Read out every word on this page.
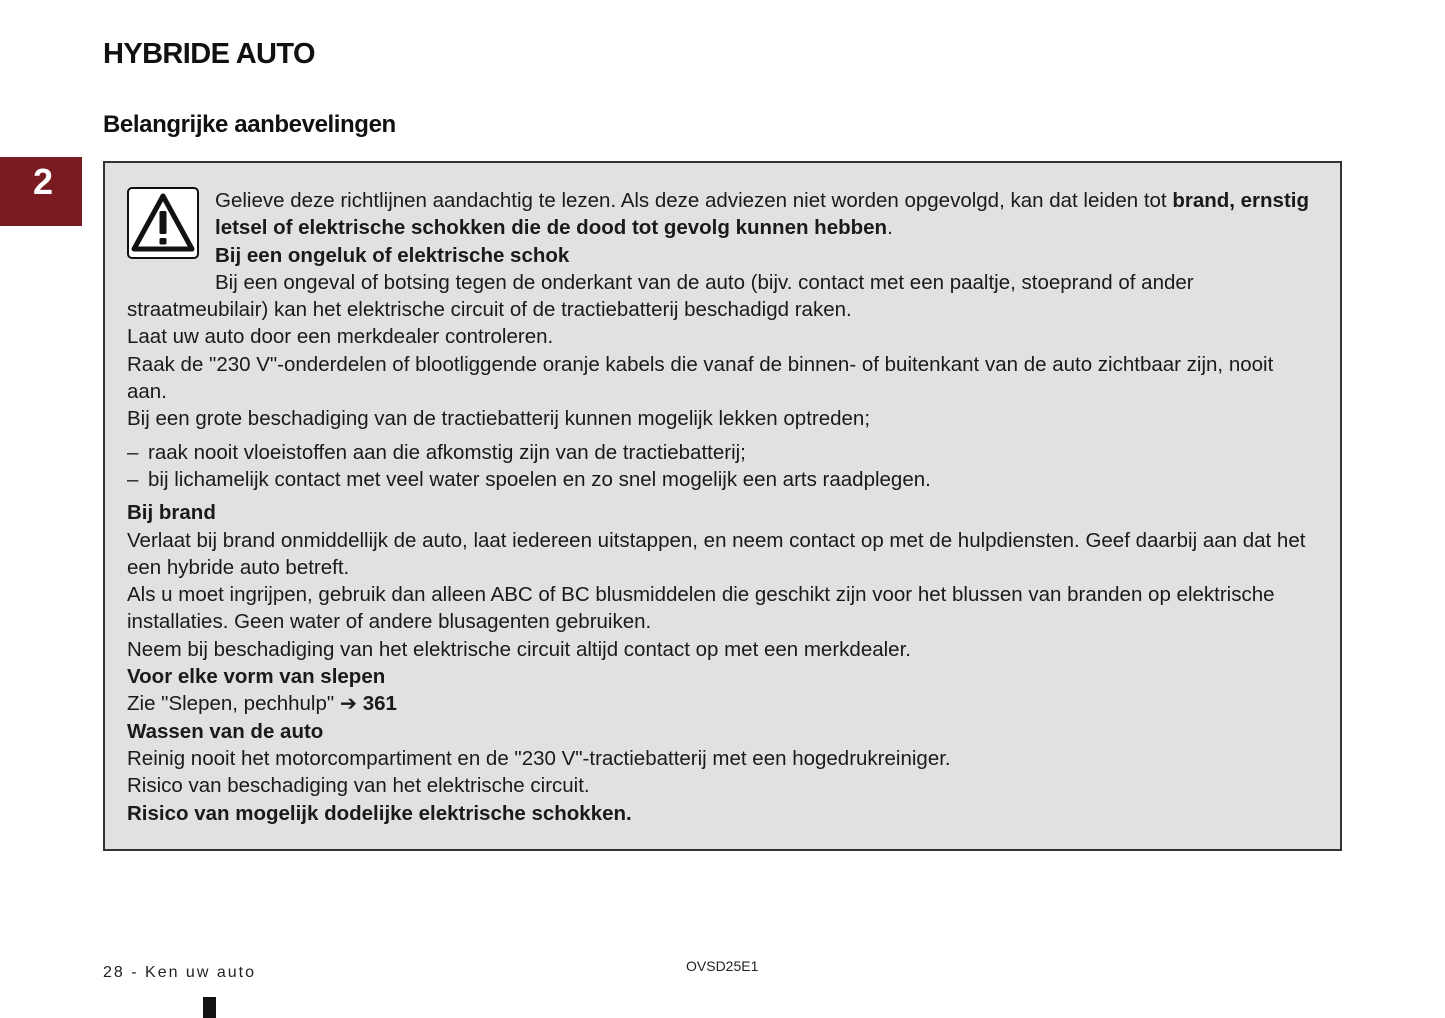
HYBRIDE AUTO
Belangrijke aanbevelingen
2	Gelieve deze richtlijnen aandachtig te lezen. Als deze adviezen niet worden opgevolgd, kan dat leiden tot brand, ernstig letsel of elektrische schokken die de dood tot gevolg kunnen hebben.

Bij een ongeluk of elektrische schok

Bij een ongeval of botsing tegen de onderkant van de auto (bijv. contact met een paaltje, stoeprand of ander straatmeubilair) kan het elektrische circuit of de tractiebatterij beschadigd raken.

Laat uw auto door een merkdealer controleren.

Raak de "230 V"-onderdelen of blootliggende oranje kabels die vanaf de binnen- of buitenkant van de auto zichtbaar zijn, nooit aan.

Bij een grote beschadiging van de tractiebatterij kunnen mogelijk lekken optreden;

– raak nooit vloeistoffen aan die afkomstig zijn van de tractiebatterij;
– bij lichamelijk contact met veel water spoelen en zo snel mogelijk een arts raadplegen.

Bij brand

Verlaat bij brand onmiddellijk de auto, laat iedereen uitstappen, en neem contact op met de hulpdiensten. Geef daarbij aan dat het een hybride auto betreft.

Als u moet ingrijpen, gebruik dan alleen ABC of BC blusmiddelen die geschikt zijn voor het blussen van branden op elektrische installaties. Geen water of andere blusagenten gebruiken.

Neem bij beschadiging van het elektrische circuit altijd contact op met een merkdealer.

Voor elke vorm van slepen

Zie "Slepen, pechhulp" ➔ 361

Wassen van de auto

Reinig nooit het motorcompartiment en de "230 V"-tractiebatterij met een hogedrukreiniger.

Risico van beschadiging van het elektrische circuit.

Risico van mogelijk dodelijke elektrische schokken.

28 - Ken uw auto	OVSD25E1
